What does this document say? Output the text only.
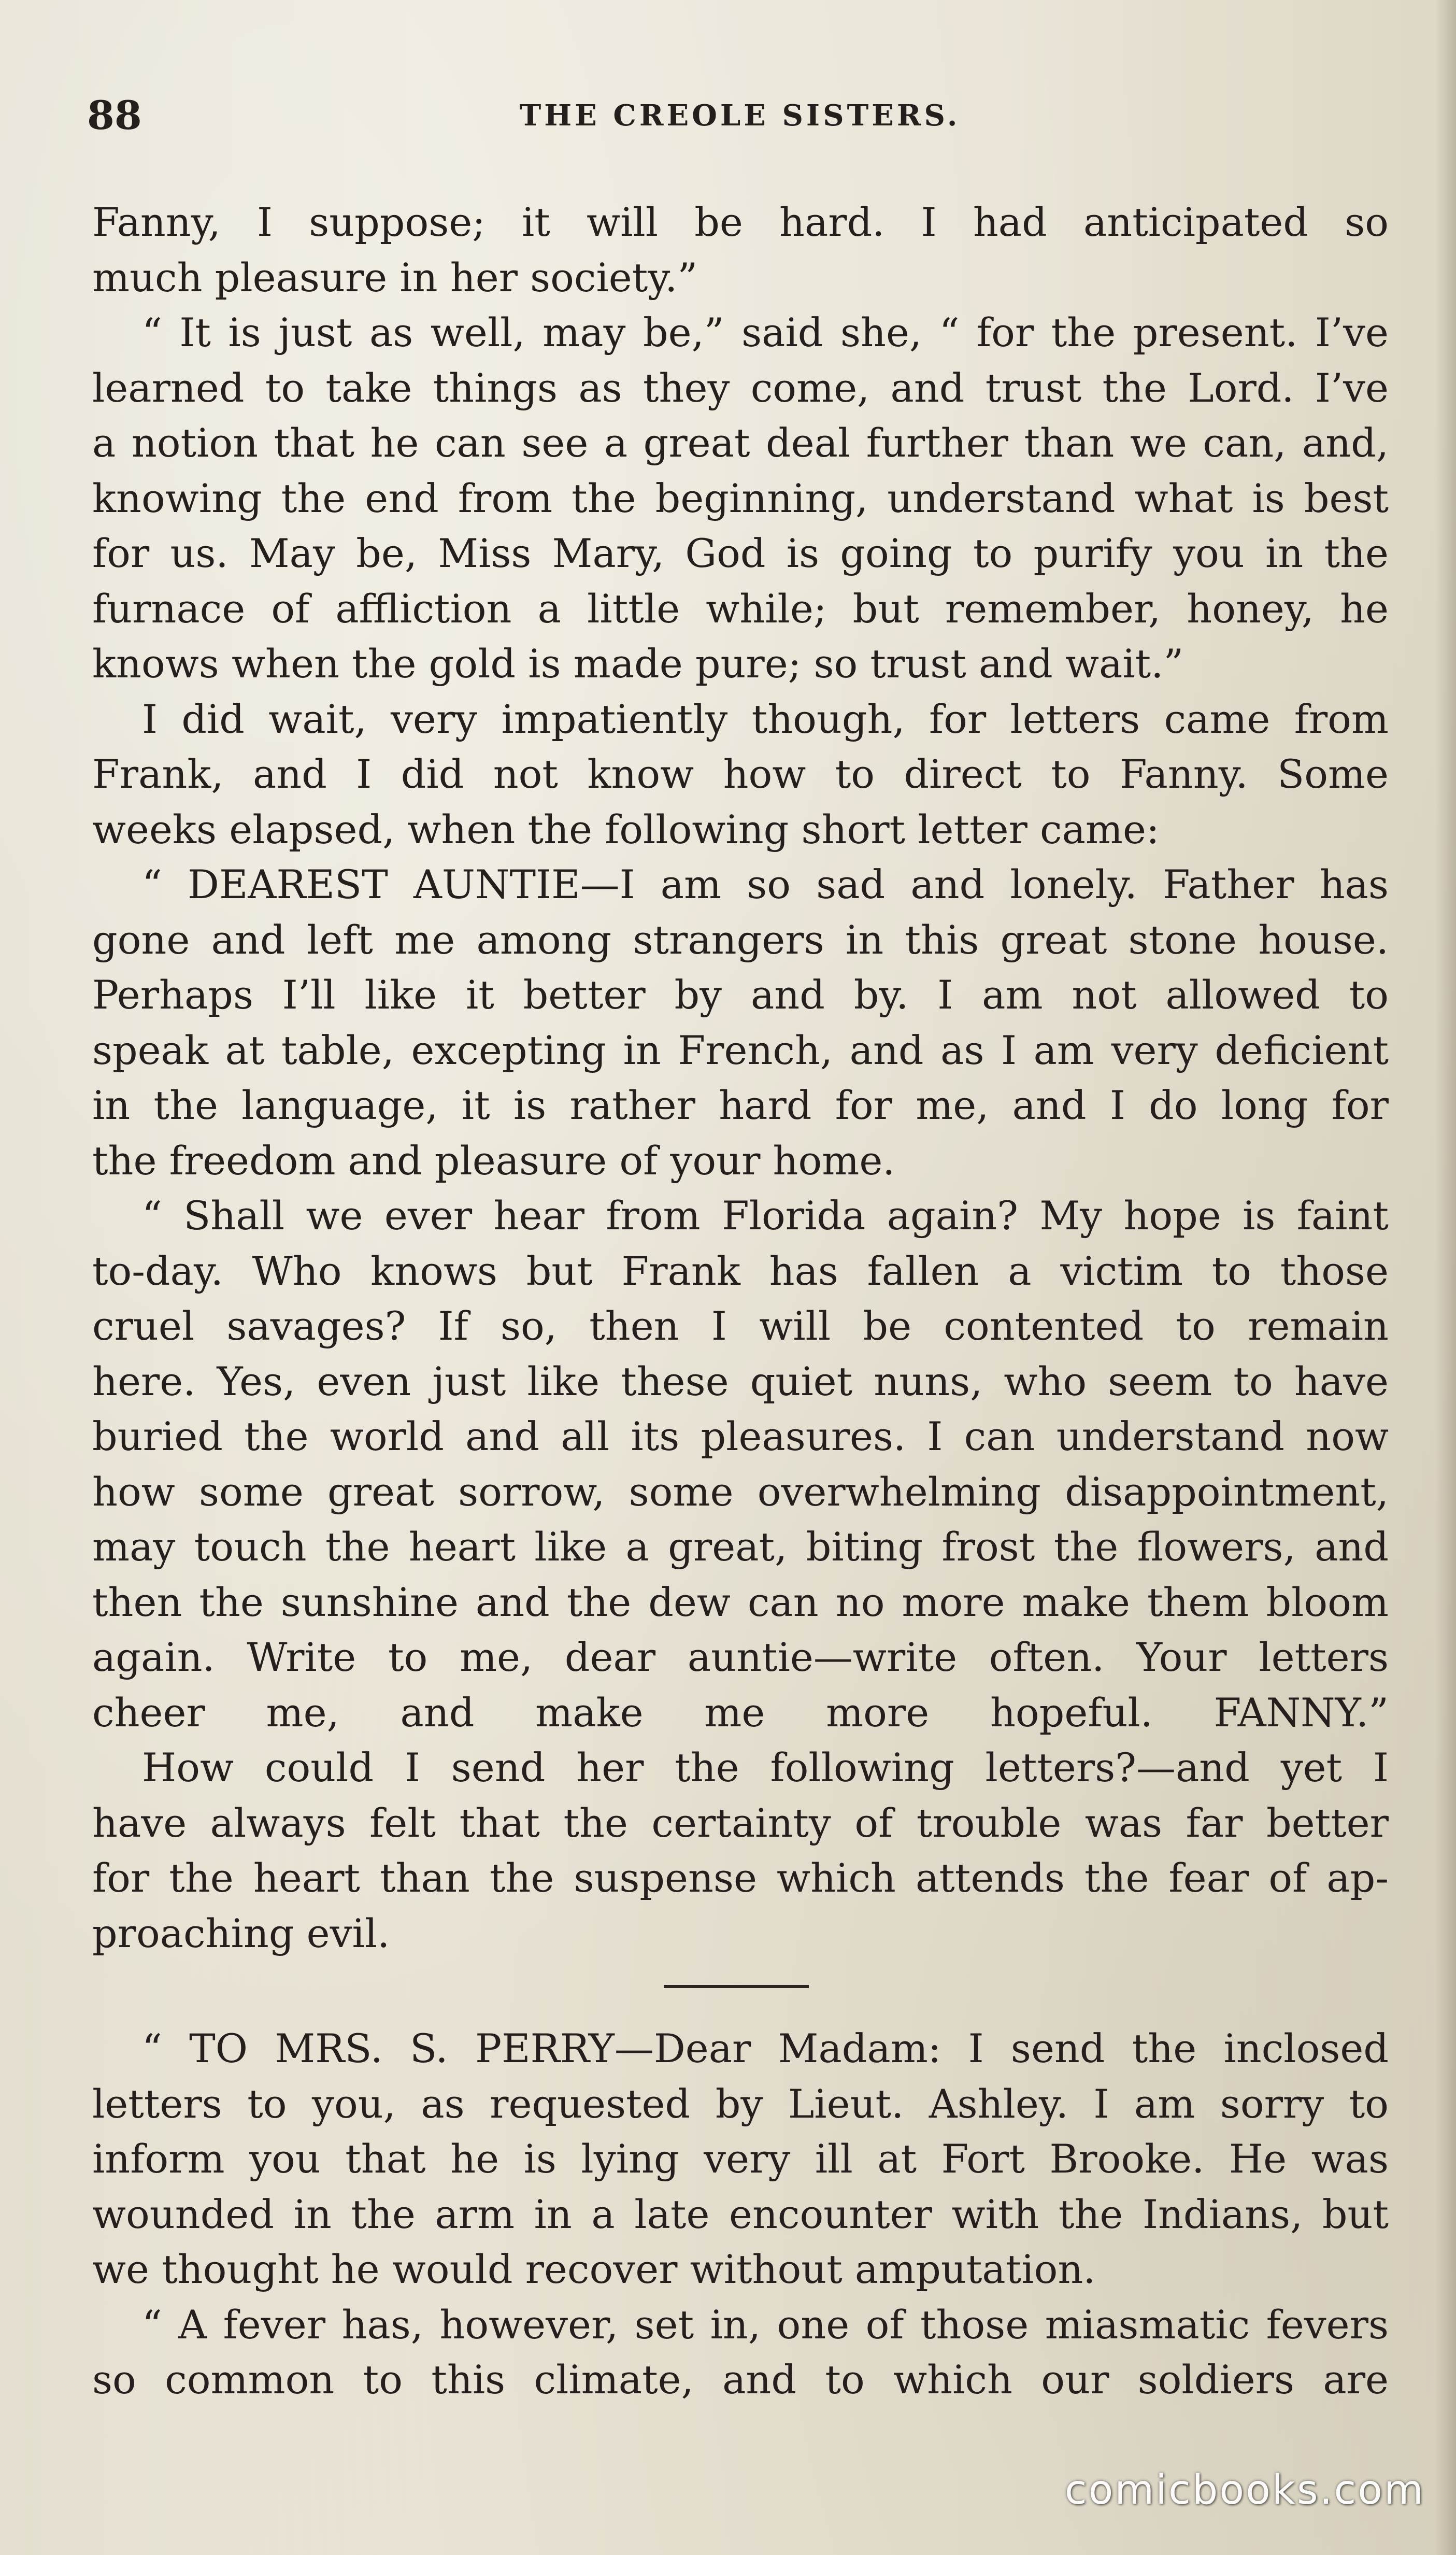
THE CREOLE SISTERS.
88
Fanny, I suppose; it will be hard. I had anticipated so
much pleasure in her society.”
“ It is just as well, may be,” said she, “ for the present. I’ve
learned to take things as they come, and trust the Lord. I’ve
a notion that he can see a great deal further than we can, and,
knowing the end from the beginning, understand what is best
for us. May be, Miss Mary, God is going to purify you in the
furnace of affliction a little while; but remember, honey, he
knows when the gold is made pure; so trust and wait.”
I did wait, very impatiently though, for letters came from
Frank, and I did not know how to direct to Fanny. Some
weeks elapsed, when the following short letter came:
“ DEAREST AUNTIE—I am so sad and lonely. Father has
gone and left me among strangers in this great stone house.
Perhaps I’ll like it better by and by. I am not allowed to
speak at table, excepting in French, and as I am very deficient
in the language, it is rather hard for me, and I do long for
the freedom and pleasure of your home.
“ Shall we ever hear from Florida again? My hope is faint
to-day. Who knows but Frank has fallen a victim to those
cruel savages? If so, then I will be contented to remain
here. Yes, even just like these quiet nuns, who seem to have
buried the world and all its pleasures. I can understand now
how some great sorrow, some overwhelming disappointment,
may touch the heart like a great, biting frost the flowers, and
then the sunshine and the dew can no more make them bloom
again. Write to me, dear auntie—write often. Your letters
cheer me, and make me more hopeful. FANNY.”
How could I send her the following letters?—and yet I
have always felt that the certainty of trouble was far better
for the heart than the suspense which attends the fear of ap-
proaching evil.
“ TO MRS. S. PERRY—Dear Madam: I send the inclosed
letters to you, as requested by Lieut. Ashley. I am sorry to
inform you that he is lying very ill at Fort Brooke. He was
wounded in the arm in a late encounter with the Indians, but
we thought he would recover without amputation.
“ A fever has, however, set in, one of those miasmatic fevers
so common to this climate, and to which our soldiers are
comicbooks.com
